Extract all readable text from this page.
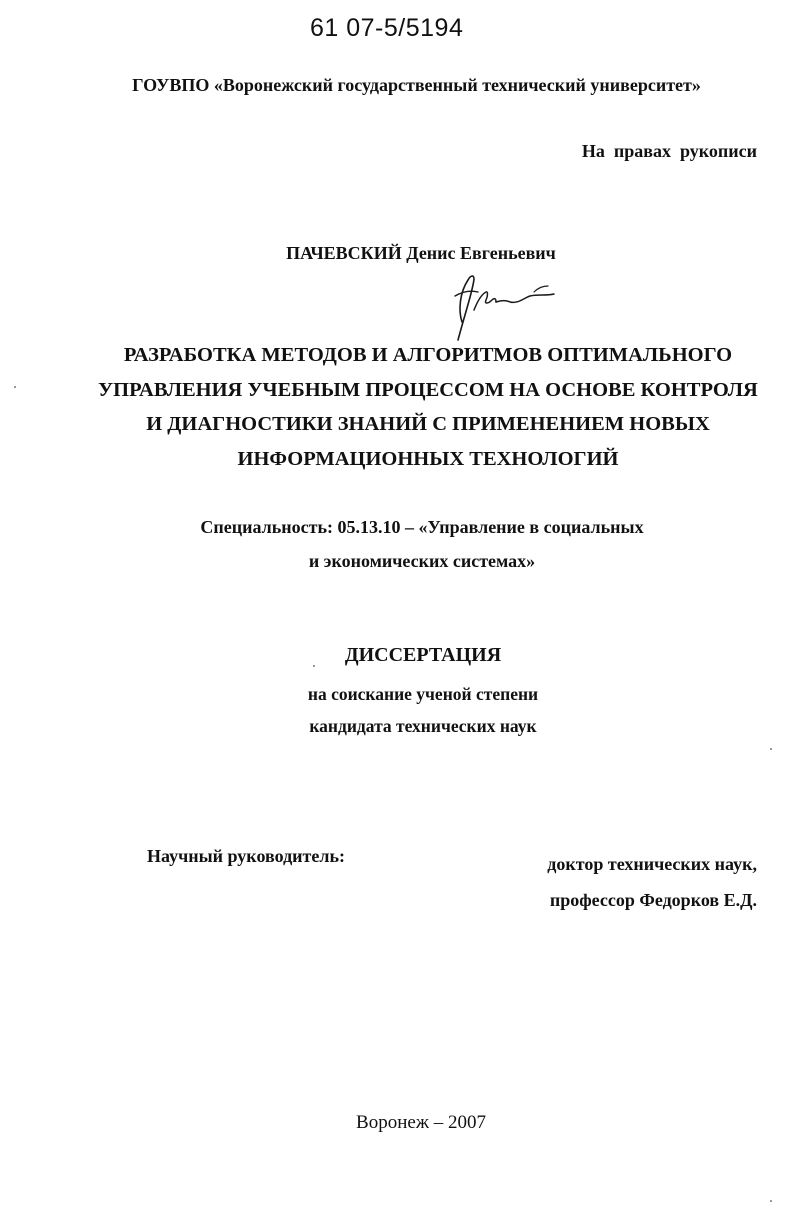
61 07-5/5194
ГОУВПО «Воронежский государственный технический университет»
На  правах  рукописи
ПАЧЕВСКИЙ Денис Евгеньевич
РАЗРАБОТКА МЕТОДОВ И АЛГОРИТМОВ ОПТИМАЛЬНОГО
УПРАВЛЕНИЯ УЧЕБНЫМ ПРОЦЕССОМ НА ОСНОВЕ КОНТРОЛЯ
И ДИАГНОСТИКИ ЗНАНИЙ С ПРИМЕНЕНИЕМ НОВЫХ
ИНФОРМАЦИОННЫХ ТЕХНОЛОГИЙ
Специальность: 05.13.10 – «Управление в социальных
и экономических системах»
ДИССЕРТАЦИЯ
на соискание ученой степени
кандидата технических наук
Научный руководитель:	доктор технических наук,
профессор Федорков Е.Д.
Воронеж – 2007
